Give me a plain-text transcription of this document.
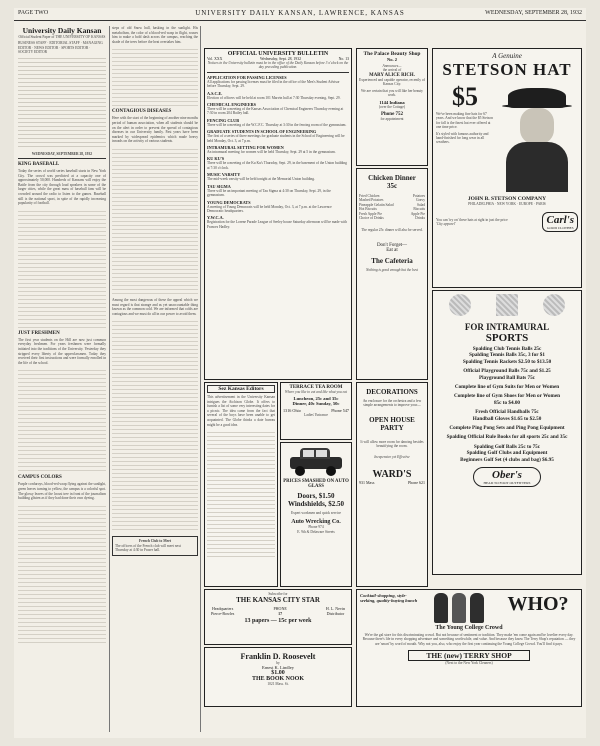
PAGE TWO	UNIVERSITY DAILY KANSAN, LAWRENCE, KANSAS	WEDNESDAY, SEPTEMBER 28, 1932
University Daily Kansan
Official Student Paper of THE UNIVERSITY OF KANSAS
BUSINESS STAFF · EDITORIAL STAFF · MANAGING EDITOR · NEWS EDITOR · SPORTS EDITOR · SOCIETY EDITOR
WEDNESDAY, SEPTEMBER 28, 1932
KING BASEBALL
Today the series of world series baseball starts in New York City. The crowd was predicted at a capacity one of approximately 50,000. Hundreds of Kansans will enjoy the Battle from the city through loud speakers in some of the larger cities, while the great mass of baseball fans will be crowded around the radio to listen to the games. Baseball still is the national sport, in spite of the rapidly increasing popularity of football.
JUST FRESHMEN
The first year students on the Hill are now just common everyday freshmen. For years freshmen were formally initiated into the traditions of the University. Yesterday they stripped every liberty of the upperclassmen. Today they received their first instructions and were formally enrolled in the life of the school.
CAMPUS COLORS
Purple corduroys, blood-red wrap flying against the sunlight, green leaves turning to yellow, the campus is a colorful spot. The glossy leaves of the locust tree in front of the journalism building glisten as if they had done their own dyeing.
steps of old Snow hall, basking in the sunlight. His metabolism, the color of a blood-red wasp in flight, rouses him to make a bold dash across the campus, reaching the shade of the trees before the heat overtakes him.
CONTAGIOUS DISEASES
Here with the start of the beginning of another nine months period of human association, when all students should be on the alert in order to prevent the spread of contagious diseases in our University family. Past years have been marked by widespread epidemics which made heavy inroads on the activity of various students.
Among the most dangerous of these the appeal which we must regard is that strange and as yet unaccountable thing known as the common cold. We are informed that colds are contagious and we must do all in our power to avoid them.
French Club to Meet
The officers of the French club will meet next Thursday at 4:30 in Fraser hall.
OFFICIAL UNIVERSITY BULLETIN
Vol. XXX	Wednesday, Sept. 28, 1932	No. 13
Notices in the University bulletin must be in the office of the Daily Kansan before 3 o'clock on the day preceding publication.
APPLICATION FOR PASSING LICENSES
All applications for passing licenses must be filed in the office of the Men's Student Advisor before Thursday, Sept. 29.
A.S.C.E.
Election of officers will be held at room 101 Marvin hall at 7:30 Thursday evening, Sept. 29.
CHEMICAL ENGINEERS
There will be a meeting of the Kansas Association of Chemical Engineers Thursday evening at 7:30 in room 204 Bailey hall.
FENCING CLUB
There will be a meeting of the W.C.F.C. Thursday at 3:30 in the fencing room of the gymnasium.
GRADUATE STUDENTS IN SCHOOL OF ENGINEERING
The first of a series of three meetings for graduate students in the School of Engineering will be held Monday, Oct. 3, at 7 p.m.
INTRAMURAL SETTING FOR WOMEN
An intramural meeting for women will be held Thursday, Sept. 29 at 5 in the gymnasium.
KU KU'S
There will be a meeting of the Ku Ku's Thursday, Sept. 29, in the basement of the Union building at 7:30 o'clock.
MUSIC VARSITY
The mid-week varsity will be held tonight at the Memorial Union building.
TAU SIGMA
There will be an important meeting of Tau Sigma at 4:30 on Thursday, Sept. 29, in the gymnasium.
YOUNG DEMOCRATS
A meeting of Young Democrats will be held Monday, Oct. 3, at 7 p.m. at the Lawrence Democratic headquarters.
Y.W.C.A.
Registration for the Lorene Parade League of Seeley house Saturday afternoon will be made with Frances Hadley.
Sez Kansas Editors
This advertisement in the University Kansan intrigues the Atchison Globe. It offers to furnish a list of some very interesting dates for a picnic. The idea came from the fact that several of the boys have been unable to get acquainted. The Globe thinks a date bureau might be a good idea.
TERRACE TEA ROOM
Where you like to eat and like what you eat
Luncheon, 25c and 35c
Dinner, 40c Sunday, 50c
1316 Ohio	Phone 547
Ladies' Entrance
PRICES SMASHED ON AUTO GLASS
Doors, $1.50
Windshields, $2.50
Expert workmen and quick service
Auto Wrecking Co.
Phone 974
E. 9th & Delaware Streets
Subscribe for
THE KANSAS CITY STAR
Headquarters
Pierce-Bowles
PHONE
17
H. L. Nevin
Distributor
13 papers — 15c per week
Franklin D. Roosevelt
by
Ernest K. Lindley
$1.00
THE BOOK NOOK
1021 Mass. St.
The Palace Beauty Shop
No. 2
Announces—
the arrival of
MARY ALICE RICH.
Experienced and capable operator, recently of Kansas City.
We are certain that you will like her beauty work.
1144 Indiana
(over the Cottage)
Phone 752
for appointment
Chicken Dinner
35c
Fried Chicken
Mashed Potatoes
Pineapple Gelatin Salad
Hot Biscuits
Fresh Apple Pie
Choice of Drinks
Potatoes
Gravy
Salad
Biscuits
Apple Pie
Drinks
The regular 25c dinner will also be served.
Don't Forget—
Eat at
The Cafeteria
Nothing is good enough but the best
DECORATIONS
An enclosure for the orchestra and a few simple arrangements to improve your—
OPEN HOUSE
PARTY
It will allow more room for dancing besides beautifying the room.
Inexpensive yet Effective
WARD'S
931 Mass	Phone 621
A Genuine
STETSON HAT
$5
We've been making fine hats for 67 years. And we know that the $5 Stetson for fall is the finest hat ever offered at one time price.
It's styled with famous authority and hand-finished for long wear in all weathers.
JOHN B. STETSON COMPANY
PHILADELPHIA · NEW YORK · EUROPE · PARIS
You can 'try on' these hats at right in just the price
'City apparel'	Carl's
GOOD CLOTHES
FOR INTRAMURAL
SPORTS
Spalding Club Tennis Balls 25c
Spalding Tennis Balls 35c, 3 for $1
Spalding Tennis Rackets $2.50 to $13.50
Official Playground Balls 75c and $1.25
Playground Ball Bats 75c
Complete line of Gym Suits for Men or Women
Complete line of Gym Shoes for Men or Women
85c to $4.00
Fresh Official Handballs 75c
Handball Gloves $1.65 to $2.50
Complete Ping Pong Sets and Ping Pong Equipment
Spalding Official Rule Books for all sports 25c and 35c
Spalding Golf Balls 25c to 75c
Spalding Golf Clubs and Equipment
Beginners Golf Set (4 clubs and bag) $6.95
Ober's
HEAD TO FOOT OUTFITTERS
Cocktail-shopping, style-seeking, quality-buying bunch	WHO?
The Young College Crowd
We're the gal store for this discriminating crowd. But not because of sentiment or tradition. They make 'em come again and be lovelier every day. Because there's life in every shopping adventure and something worthwhile, and value. And because they know The Terry Shop's reputation — they are 'smart' by word of mouth. Why not you, also, who enjoy the first year continuing the Young College Crowd. You'll find it pays.
THE (new) TERRY SHOP
(Next to the New York Cleaners)
